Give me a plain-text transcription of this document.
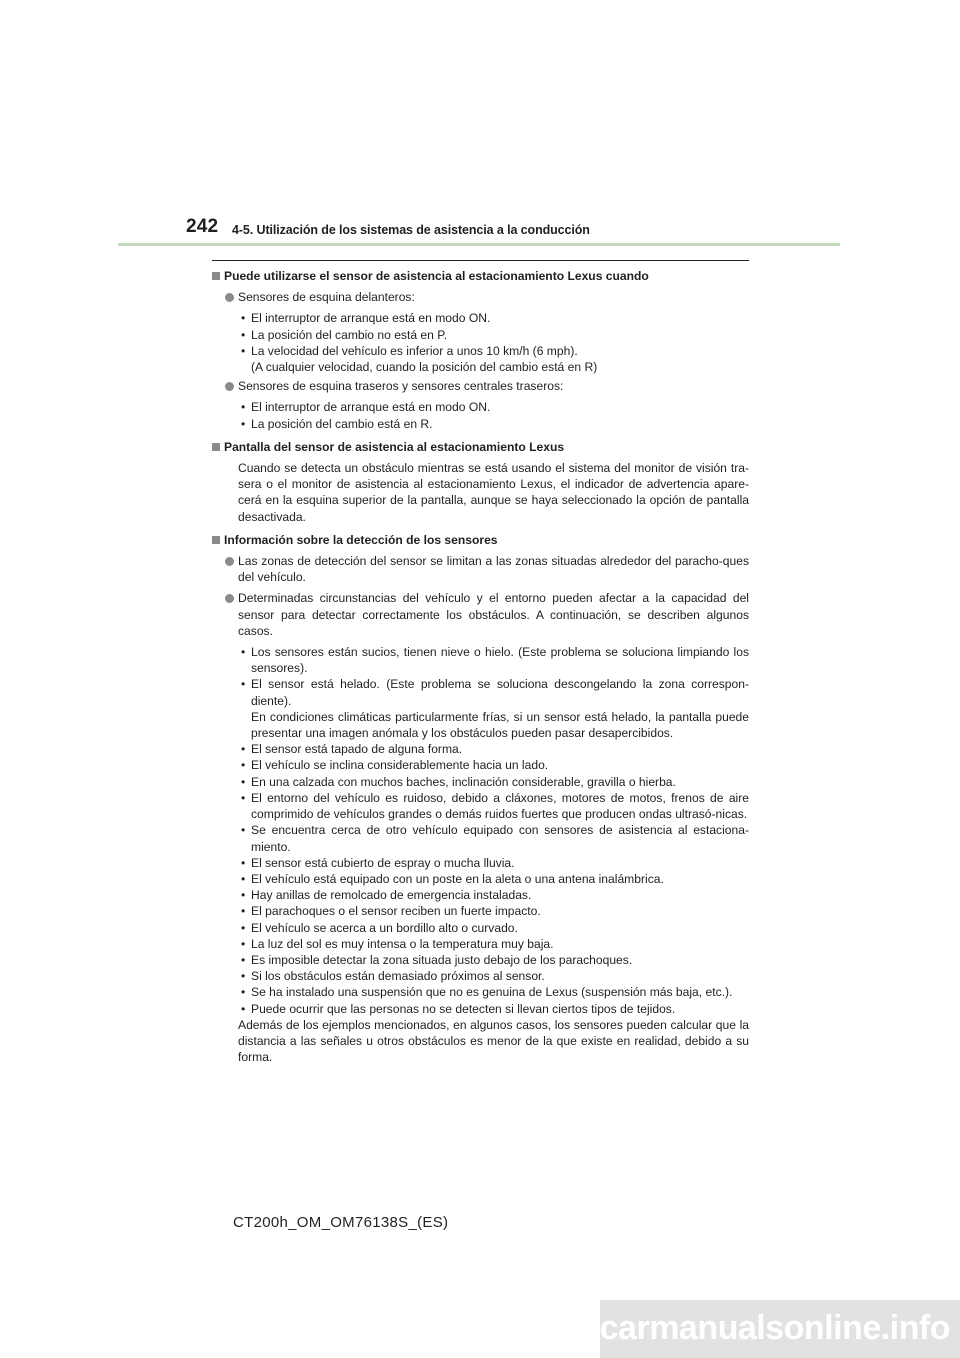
242 4-5. Utilización de los sistemas de asistencia a la conducción
Puede utilizarse el sensor de asistencia al estacionamiento Lexus cuando
Sensores de esquina delanteros:
• El interruptor de arranque está en modo ON.
• La posición del cambio no está en P.
• La velocidad del vehículo es inferior a unos 10 km/h (6 mph).
(A cualquier velocidad, cuando la posición del cambio está en R)
Sensores de esquina traseros y sensores centrales traseros:
• El interruptor de arranque está en modo ON.
• La posición del cambio está en R.
Pantalla del sensor de asistencia al estacionamiento Lexus
Cuando se detecta un obstáculo mientras se está usando el sistema del monitor de visión tra-sera o el monitor de asistencia al estacionamiento Lexus, el indicador de advertencia apare-cerá en la esquina superior de la pantalla, aunque se haya seleccionado la opción de pantalla desactivada.
Información sobre la detección de los sensores
Las zonas de detección del sensor se limitan a las zonas situadas alrededor del paracho-ques del vehículo.
Determinadas circunstancias del vehículo y el entorno pueden afectar a la capacidad del sensor para detectar correctamente los obstáculos. A continuación, se describen algunos casos.
• Los sensores están sucios, tienen nieve o hielo. (Este problema se soluciona limpiando los sensores).
• El sensor está helado. (Este problema se soluciona descongelando la zona correspon-diente).
En condiciones climáticas particularmente frías, si un sensor está helado, la pantalla puede presentar una imagen anómala y los obstáculos pueden pasar desapercibidos.
• El sensor está tapado de alguna forma.
• El vehículo se inclina considerablemente hacia un lado.
• En una calzada con muchos baches, inclinación considerable, gravilla o hierba.
• El entorno del vehículo es ruidoso, debido a cláxones, motores de motos, frenos de aire comprimido de vehículos grandes o demás ruidos fuertes que producen ondas ultrasó-nicas.
• Se encuentra cerca de otro vehículo equipado con sensores de asistencia al estaciona-miento.
• El sensor está cubierto de espray o mucha lluvia.
• El vehículo está equipado con un poste en la aleta o una antena inalámbrica.
• Hay anillas de remolcado de emergencia instaladas.
• El parachoques o el sensor reciben un fuerte impacto.
• El vehículo se acerca a un bordillo alto o curvado.
• La luz del sol es muy intensa o la temperatura muy baja.
• Es imposible detectar la zona situada justo debajo de los parachoques.
• Si los obstáculos están demasiado próximos al sensor.
• Se ha instalado una suspensión que no es genuina de Lexus (suspensión más baja, etc.).
• Puede ocurrir que las personas no se detecten si llevan ciertos tipos de tejidos.
Además de los ejemplos mencionados, en algunos casos, los sensores pueden calcular que la distancia a las señales u otros obstáculos es menor de la que existe en realidad, debido a su forma.
CT200h_OM_OM76138S_(ES)
carmanualsonline.info
